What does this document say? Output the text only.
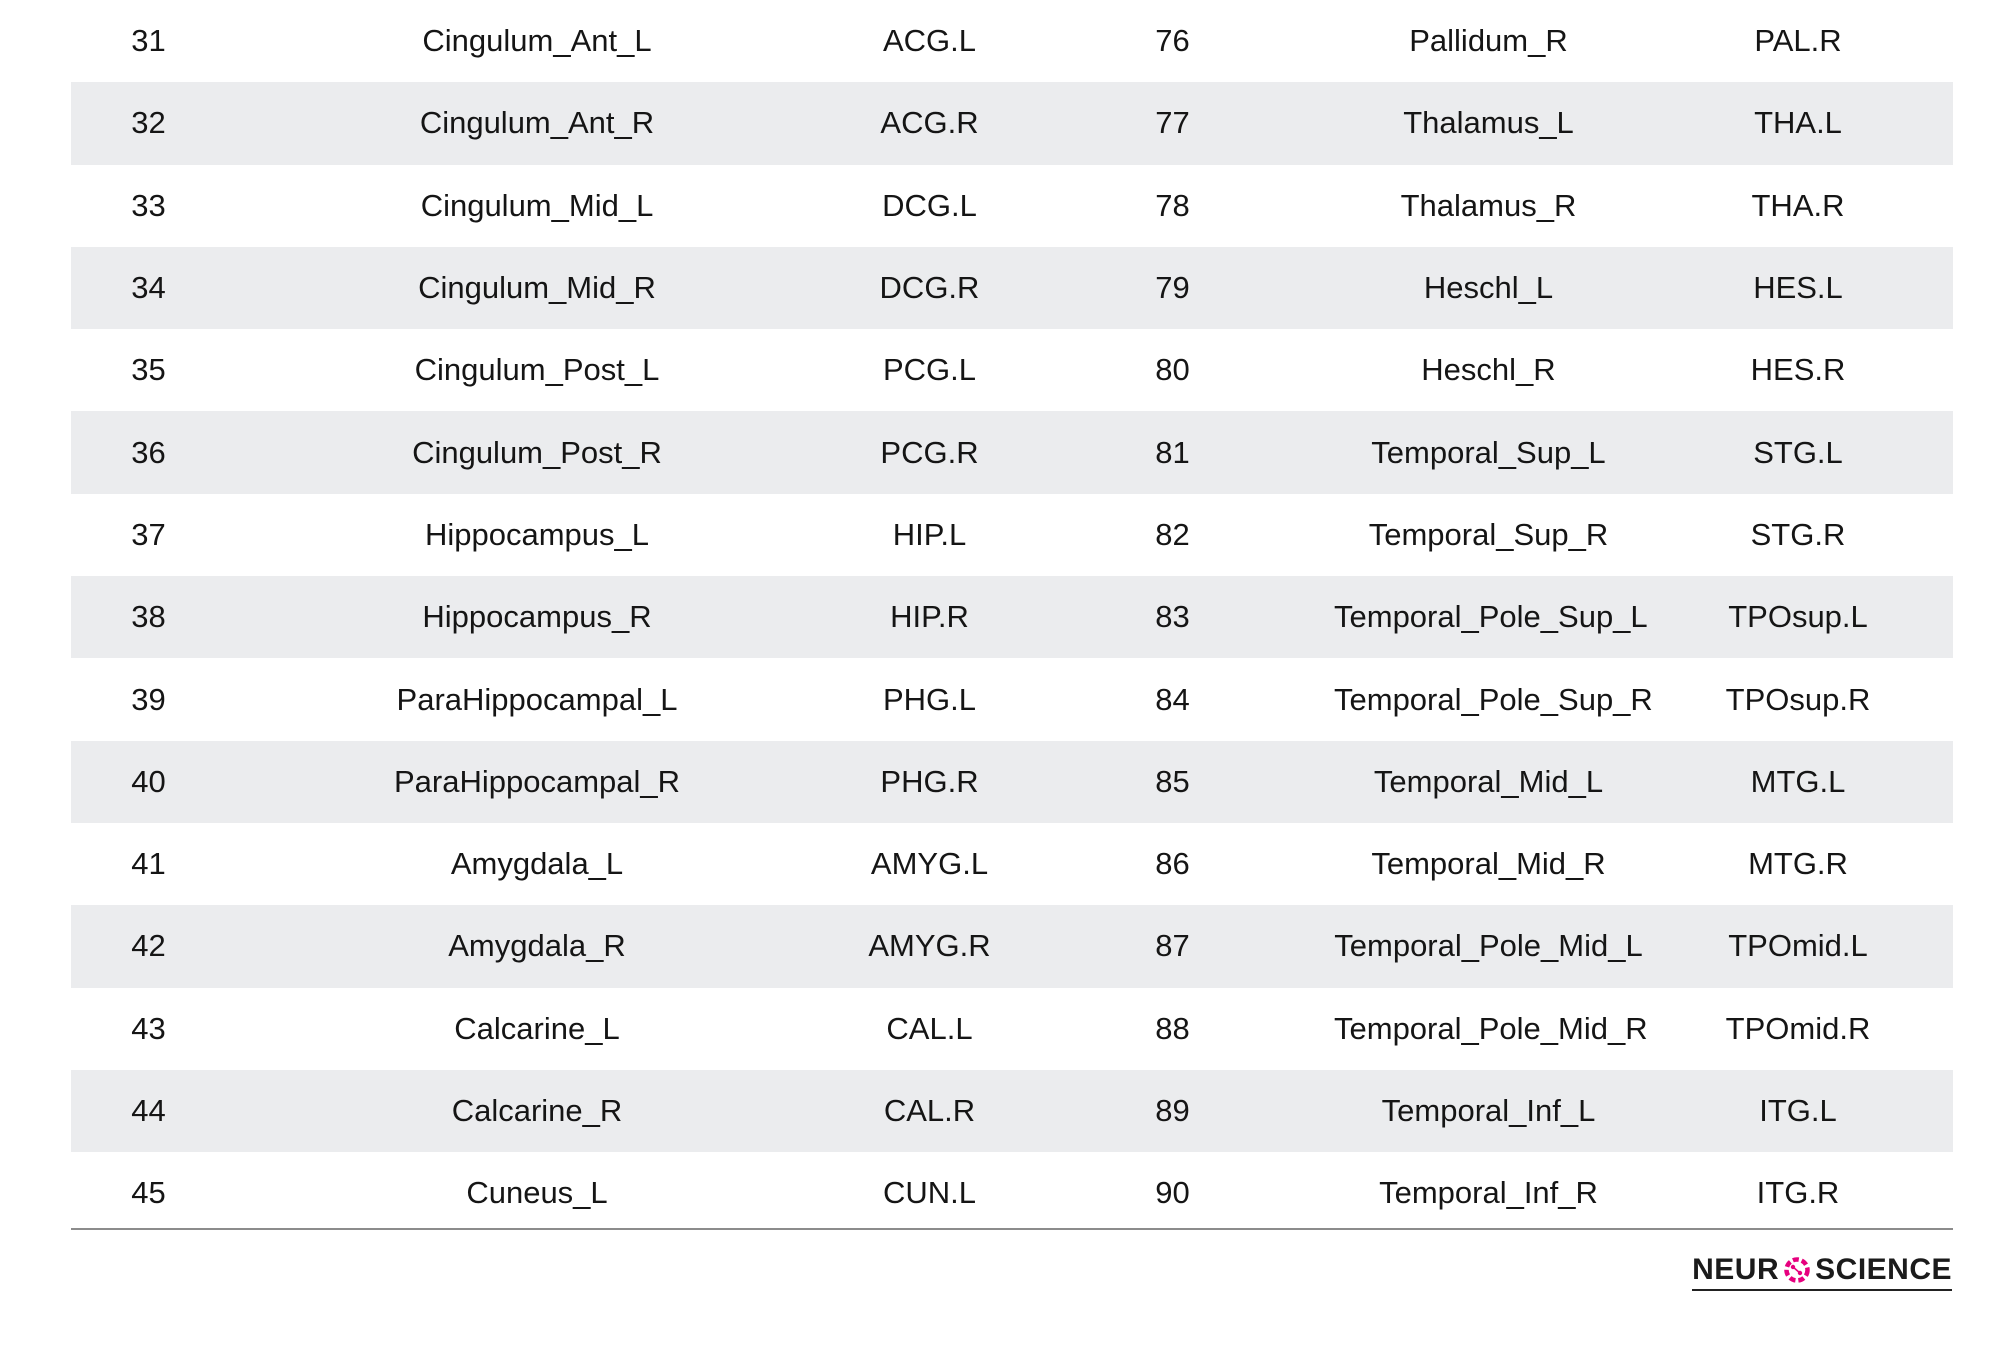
31	Cingulum_Ant_L	ACG.L	76	Pallidum_R	PAL.R
32	Cingulum_Ant_R	ACG.R	77	Thalamus_L	THA.L
33	Cingulum_Mid_L	DCG.L	78	Thalamus_R	THA.R
34	Cingulum_Mid_R	DCG.R	79	Heschl_L	HES.L
35	Cingulum_Post_L	PCG.L	80	Heschl_R	HES.R
36	Cingulum_Post_R	PCG.R	81	Temporal_Sup_L	STG.L
37	Hippocampus_L	HIP.L	82	Temporal_Sup_R	STG.R
38	Hippocampus_R	HIP.R	83	Temporal_Pole_Sup_L	TPOsup.L
39	ParaHippocampal_L	PHG.L	84	Temporal_Pole_Sup_R	TPOsup.R
40	ParaHippocampal_R	PHG.R	85	Temporal_Mid_L	MTG.L
41	Amygdala_L	AMYG.L	86	Temporal_Mid_R	MTG.R
42	Amygdala_R	AMYG.R	87	Temporal_Pole_Mid_L	TPOmid.L
43	Calcarine_L	CAL.L	88	Temporal_Pole_Mid_R	TPOmid.R
44	Calcarine_R	CAL.R	89	Temporal_Inf_L	ITG.L
45	Cuneus_L	CUN.L	90	Temporal_Inf_R	ITG.R
NEUR SCIENCE
